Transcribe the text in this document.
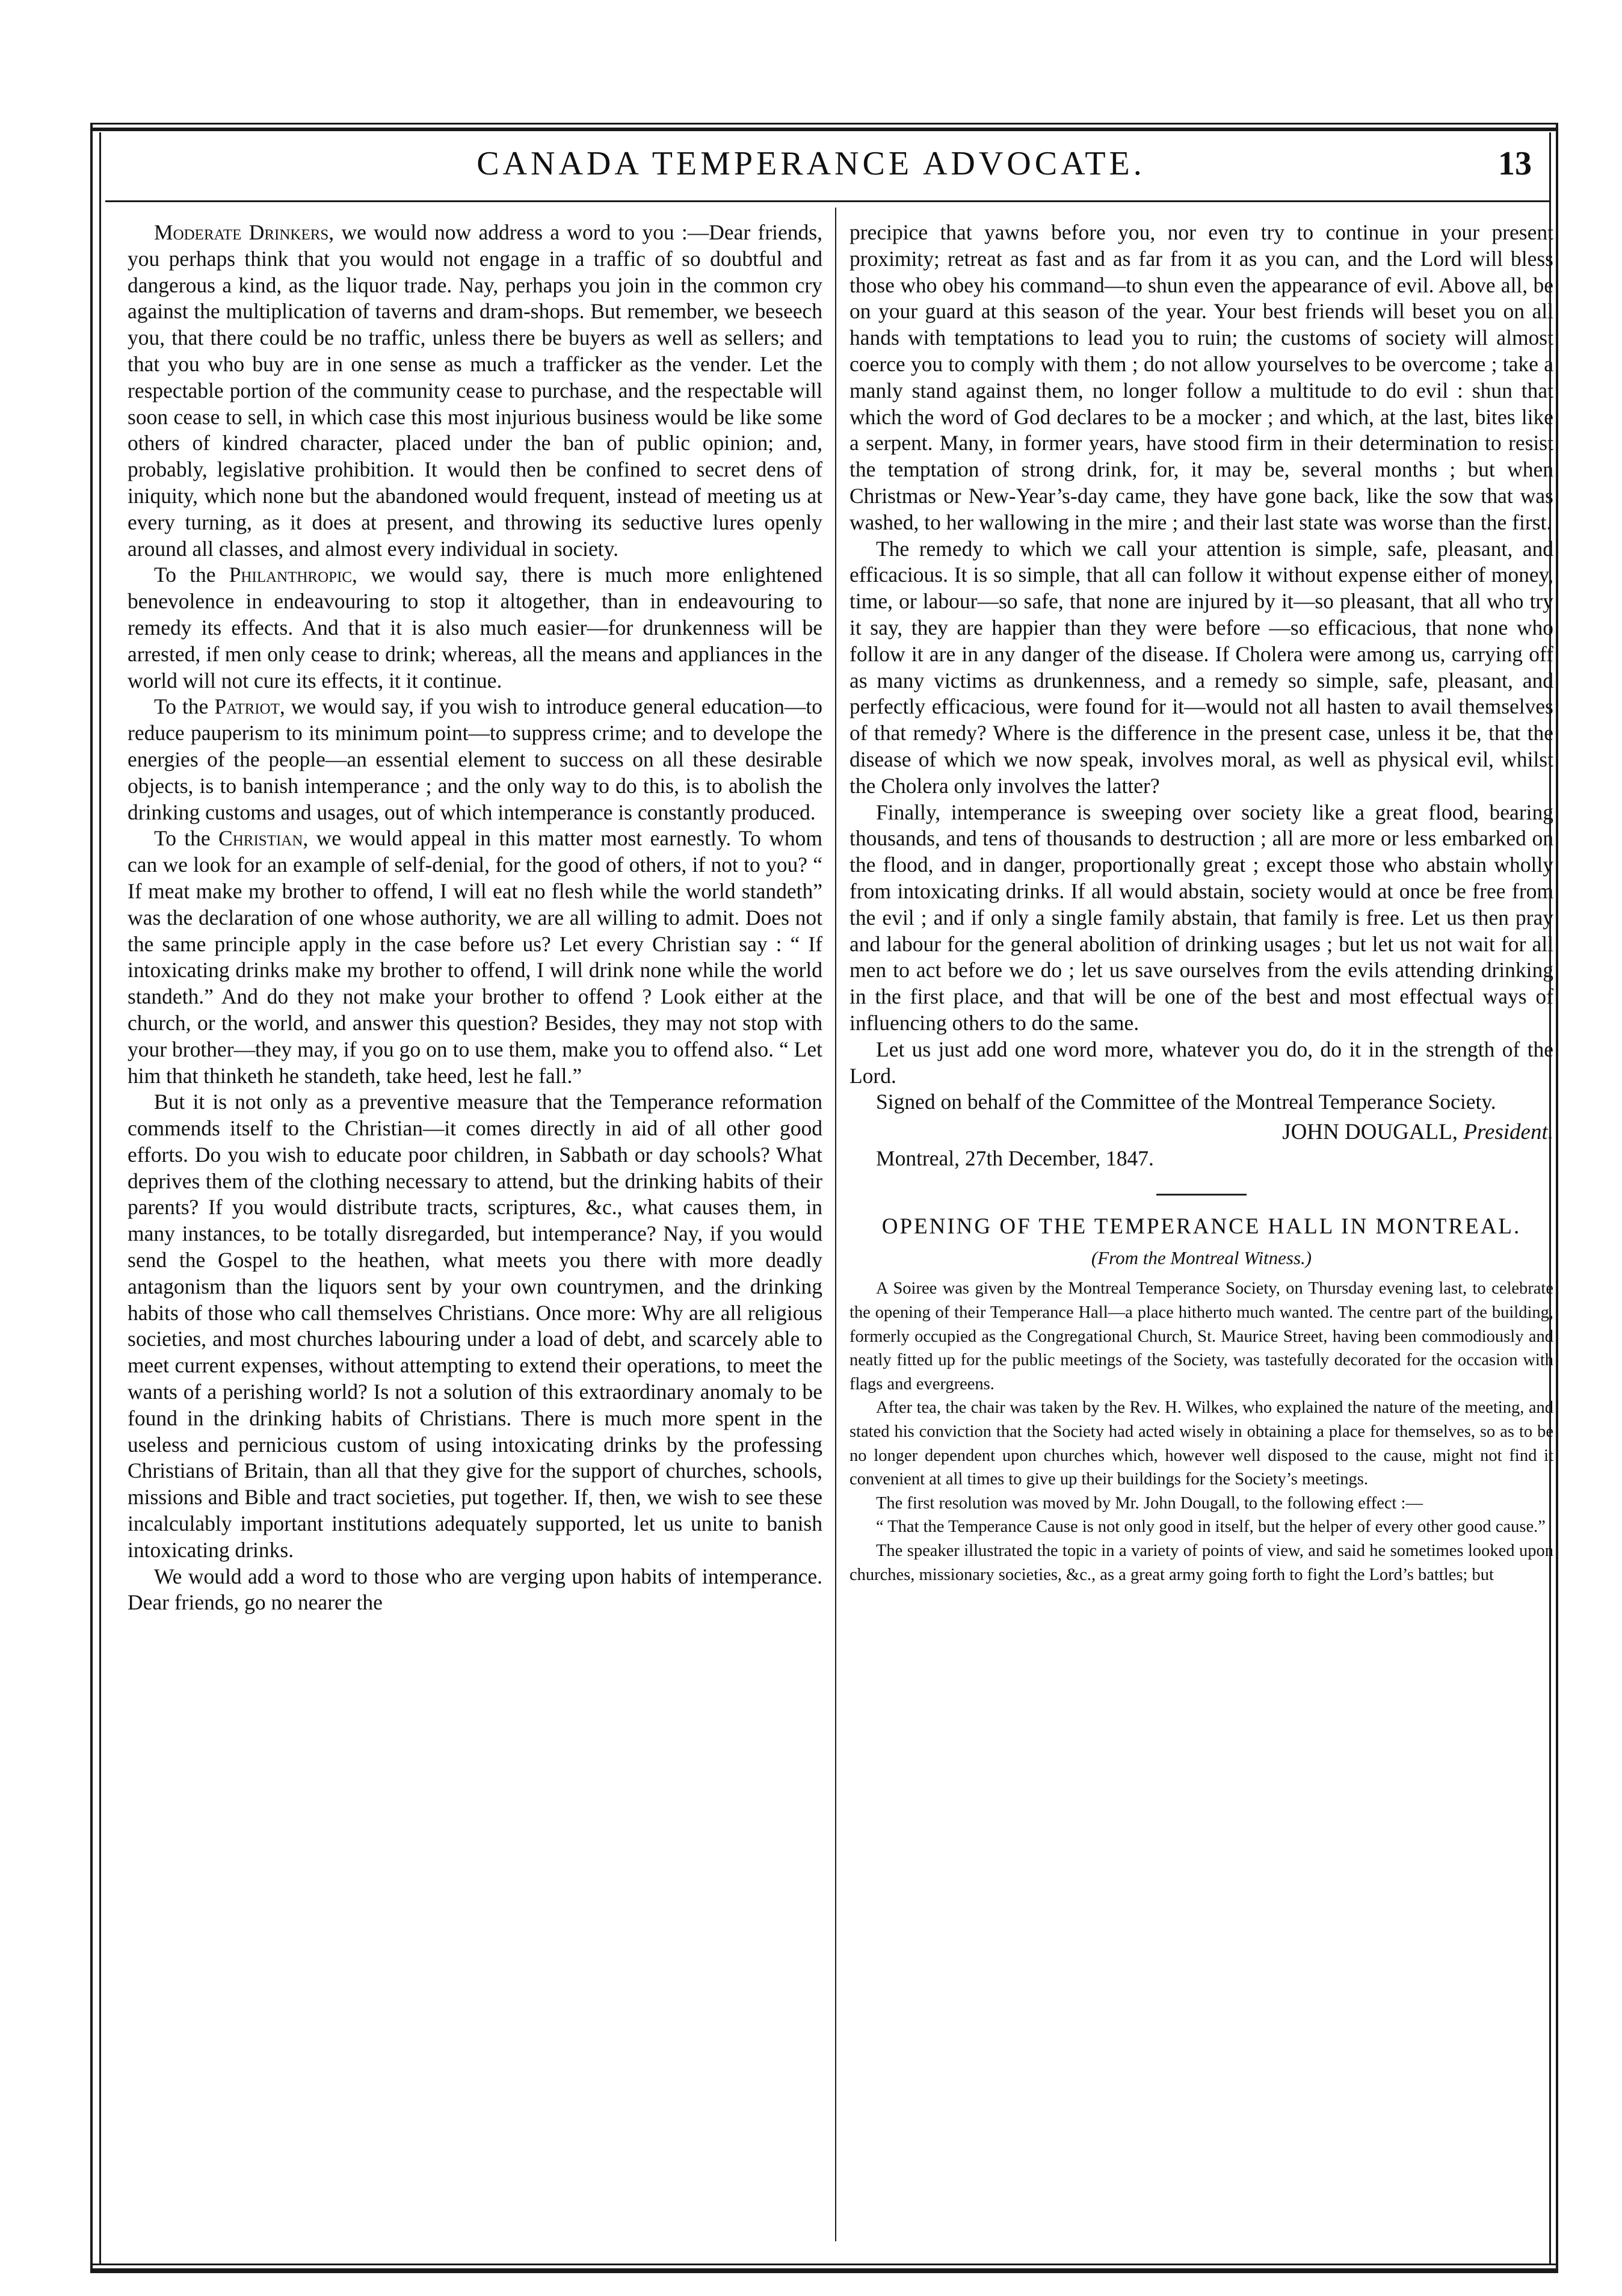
CANADA TEMPERANCE ADVOCATE.	13

Moderate Drinkers, we would now address a word to you :—Dear friends, you perhaps think that you would not engage in a traffic of so doubtful and dangerous a kind, as the liquor trade. Nay, perhaps you join in the common cry against the multiplication of taverns and dram-shops. But remember, we beseech you, that there could be no traffic, unless there be buyers as well as sellers; and that you who buy are in one sense as much a trafficker as the vender. Let the respectable portion of the community cease to purchase, and the respectable will soon cease to sell, in which case this most injurious business would be like some others of kindred character, placed under the ban of public opinion; and, probably, legislative prohibition. It would then be confined to secret dens of iniquity, which none but the abandoned would frequent, instead of meeting us at every turning, as it does at present, and throwing its seductive lures openly around all classes, and almost every individual in society.

To the Philanthropic, we would say, there is much more enlightened benevolence in endeavouring to stop it altogether, than in endeavouring to remedy its effects. And that it is also much easier—for drunkenness will be arrested, if men only cease to drink; whereas, all the means and appliances in the world will not cure its effects, it it continue.

To the Patriot, we would say, if you wish to introduce general education—to reduce pauperism to its minimum point—to suppress crime; and to develope the energies of the people—an essential element to success on all these desirable objects, is to banish intemperance ; and the only way to do this, is to abolish the drinking customs and usages, out of which intemperance is constantly produced.

To the Christian, we would appeal in this matter most earnestly. To whom can we look for an example of self-denial, for the good of others, if not to you? “ If meat make my brother to offend, I will eat no flesh while the world standeth” was the declaration of one whose authority, we are all willing to admit. Does not the same principle apply in the case before us? Let every Christian say : “ If intoxicating drinks make my brother to offend, I will drink none while the world standeth.” And do they not make your brother to offend ? Look either at the church, or the world, and answer this question? Besides, they may not stop with your brother—they may, if you go on to use them, make you to offend also. “ Let him that thinketh he standeth, take heed, lest he fall.”

But it is not only as a preventive measure that the Temperance reformation commends itself to the Christian—it comes directly in aid of all other good efforts. Do you wish to educate poor children, in Sabbath or day schools? What deprives them of the clothing necessary to attend, but the drinking habits of their parents? If you would distribute tracts, scriptures, &c., what causes them, in many instances, to be totally disregarded, but intemperance? Nay, if you would send the Gospel to the heathen, what meets you there with more deadly antagonism than the liquors sent by your own countrymen, and the drinking habits of those who call themselves Christians. Once more: Why are all religious societies, and most churches labouring under a load of debt, and scarcely able to meet current expenses, without attempting to extend their operations, to meet the wants of a perishing world? Is not a solution of this extraordinary anomaly to be found in the drinking habits of Christians. There is much more spent in the useless and pernicious custom of using intoxicating drinks by the professing Christians of Britain, than all that they give for the support of churches, schools, missions and Bible and tract societies, put together. If, then, we wish to see these incalculably important institutions adequately supported, let us unite to banish intoxicating drinks.

We would add a word to those who are verging upon habits of intemperance. Dear friends, go no nearer the

precipice that yawns before you, nor even try to continue in your present proximity; retreat as fast and as far from it as you can, and the Lord will bless those who obey his command—to shun even the appearance of evil. Above all, be on your guard at this season of the year. Your best friends will beset you on all hands with temptations to lead you to ruin; the customs of society will almost coerce you to comply with them ; do not allow yourselves to be overcome ; take a manly stand against them, no longer follow a multitude to do evil : shun that which the word of God declares to be a mocker ; and which, at the last, bites like a serpent. Many, in former years, have stood firm in their determination to resist the temptation of strong drink, for, it may be, several months ; but when Christmas or New-Year’s-day came, they have gone back, like the sow that was washed, to her wallowing in the mire ; and their last state was worse than the first.

The remedy to which we call your attention is simple, safe, pleasant, and efficacious. It is so simple, that all can follow it without expense either of money, time, or labour—so safe, that none are injured by it—so pleasant, that all who try it say, they are happier than they were before —so efficacious, that none who follow it are in any danger of the disease. If Cholera were among us, carrying off as many victims as drunkenness, and a remedy so simple, safe, pleasant, and perfectly efficacious, were found for it—would not all hasten to avail themselves of that remedy? Where is the difference in the present case, unless it be, that the disease of which we now speak, involves moral, as well as physical evil, whilst the Cholera only involves the latter?

Finally, intemperance is sweeping over society like a great flood, bearing thousands, and tens of thousands to destruction ; all are more or less embarked on the flood, and in danger, proportionally great ; except those who abstain wholly from intoxicating drinks. If all would abstain, society would at once be free from the evil ; and if only a single family abstain, that family is free. Let us then pray and labour for the general abolition of drinking usages ; but let us not wait for all men to act before we do ; let us save ourselves from the evils attending drinking in the first place, and that will be one of the best and most effectual ways of influencing others to do the same.

Let us just add one word more, whatever you do, do it in the strength of the Lord.

Signed on behalf of the Committee of the Montreal Temperance Society.

JOHN DOUGALL, President.

Montreal, 27th December, 1847.

OPENING OF THE TEMPERANCE HALL IN MONTREAL.
(From the Montreal Witness.)

A Soiree was given by the Montreal Temperance Society, on Thursday evening last, to celebrate the opening of their Temperance Hall—a place hitherto much wanted. The centre part of the building, formerly occupied as the Congregational Church, St. Maurice Street, having been commodiously and neatly fitted up for the public meetings of the Society, was tastefully decorated for the occasion with flags and evergreens.

After tea, the chair was taken by the Rev. H. Wilkes, who explained the nature of the meeting, and stated his conviction that the Society had acted wisely in obtaining a place for themselves, so as to be no longer dependent upon churches which, however well disposed to the cause, might not find it convenient at all times to give up their buildings for the Society’s meetings.

The first resolution was moved by Mr. John Dougall, to the following effect :—

“ That the Temperance Cause is not only good in itself, but the helper of every other good cause.”

The speaker illustrated the topic in a variety of points of view, and said he sometimes looked upon churches, missionary societies, &c., as a great army going forth to fight the Lord’s battles; but
